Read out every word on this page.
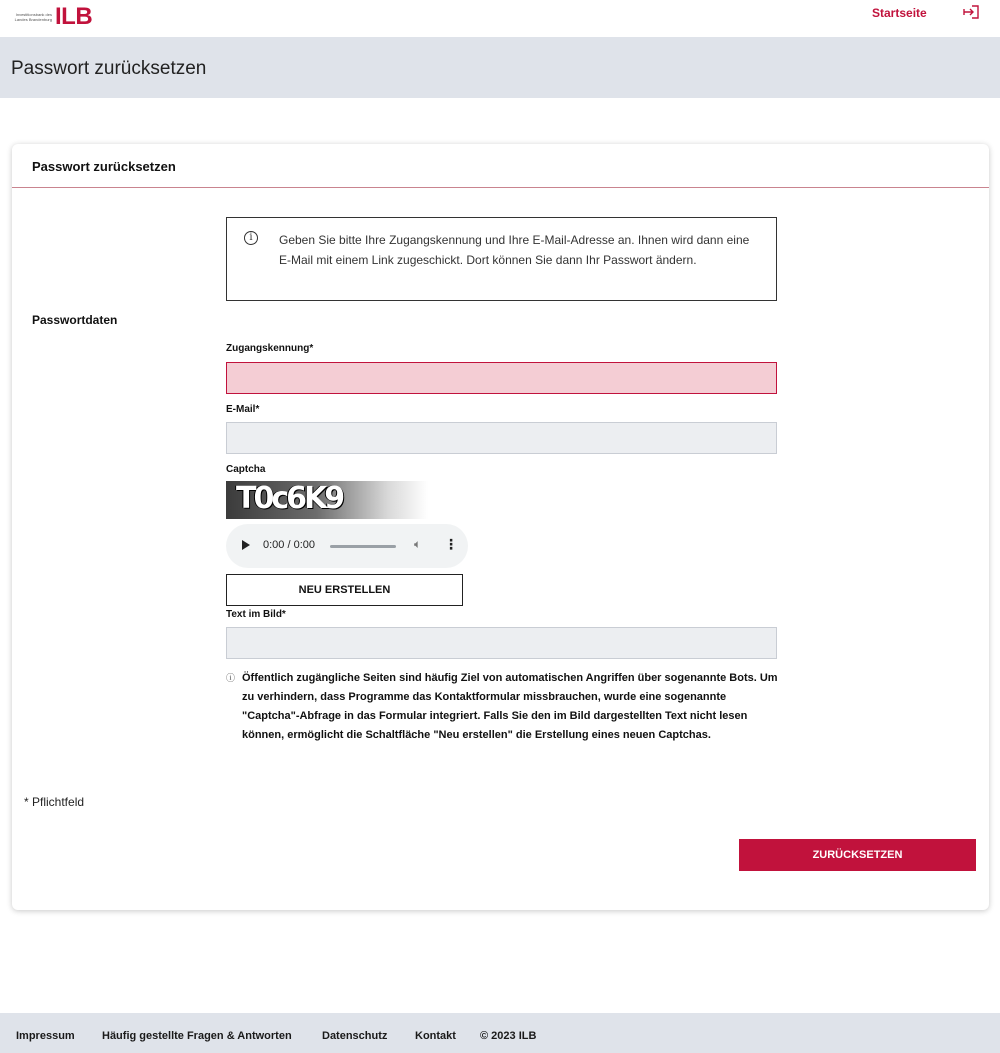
Investitionsbank des Landes Brandenburg ILB	Startseite
Passwort zurücksetzen
Passwort zurücksetzen
i	Geben Sie bitte Ihre Zugangskennung und Ihre E-Mail-Adresse an. Ihnen wird dann eine E-Mail mit einem Link zugeschickt. Dort können Sie dann Ihr Passwort ändern.
Passwortdaten
Zugangskennung*
E-Mail*
Captcha
T0c6K9
0:00 / 0:00	🔈︎ ⋮
NEU ERSTELLEN
Text im Bild*
ⓘ Öffentlich zugängliche Seiten sind häufig Ziel von automatischen Angriffen über sogenannte Bots. Um zu verhindern, dass Programme das Kontaktformular missbrauchen, wurde eine sogenannte "Captcha"-Abfrage in das Formular integriert. Falls Sie den im Bild dargestellten Text nicht lesen können, ermöglicht die Schaltfläche "Neu erstellen" die Erstellung eines neuen Captchas.
ZURÜCKSETZEN
* Pflichtfeld
Impressum Häufig gestellte Fragen & Antworten	Datenschutz	Kontakt © 2023 ILB
